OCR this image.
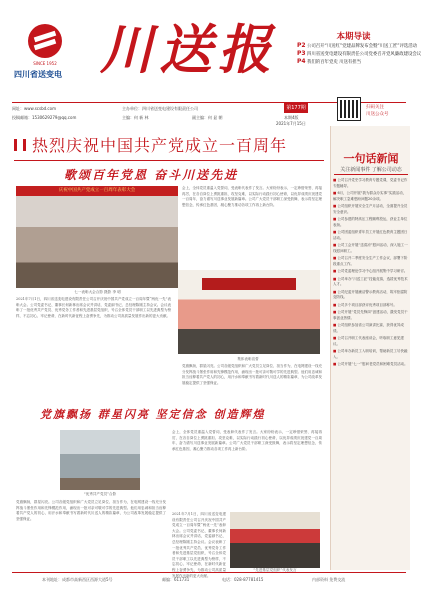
SINCE 1952
四川省送变电 川送报	本期导读
P2 公司召开“川送红”党建品牌发布会暨“川送工匠”评选活动
P3 四川省送变电建设有限责任公司党委召开党风廉政建设会议
P4 我们的百年党史 川送有担当
网址：www.scsbd.com
投稿邮箱：1530629279@qq.com
主办单位：四川省送变电建设有限责任公司
主编：何 新 林	副主编：何 显 朝	本期4版
2021年7月15日
第177期	扫码关注
川送公众号
热烈庆祝中国共产党成立一百周年
歌颂百年党恩 奋斗川送先进
庆祝中国共产党成立一百周年表彰大会
七一表彰大会合影 摄影 李 明
2021年7月1日，四川省送变电建设有限责任公司召开庆祝中国共产党成立一百周年暨“两优一先”表彰大会。公司党委书记、董事长何新林出席会议并讲话，党委副书记、总经理陈刚主持会议。会议表彰了一批优秀共产党员、优秀党务工作者和先进基层党组织，号召全体党员干部职工以先进典型为榜样，不忘初心、牢记使命，在新时代新征程上奋勇争先，为推动公司高质量发展作出新的更大贡献。
会上，全体党员重温入党誓词，受表彰代表作了发言。大家纷纷表示，一定珍惜荣誉、再接再厉，在各自岗位上勇挑重担、攻坚克难，以实际行动践行初心使命，以优异成绩庆祝建党一百周年，奋力谱写川送事业发展新篇章。公司广大党员干部职工深受鼓舞，表示将坚定理想信念，传承红色基因，凝心聚力推动各项工作再上新台阶。
集体表彰宣誓
党旗飘扬，群星闪亮。公司各级党组织和广大党员立足岗位、担当作为，在电网建设一线充分发挥战斗堡垒作用和先锋模范作用，涌现出一批可亲可敬可学的先进典型。他们用忠诚和担当诠释着共产党人的初心，用汗水和奉献书写着新时代川送人的精彩篇章，为公司改革发展稳定提供了坚强保证。
党旗飘扬 群星闪亮 坚定信念 创造辉煌
“优秀共产党员”合影
党旗飘扬，群星闪亮。公司各级党组织和广大党员立足岗位、担当作为，在电网建设一线充分发挥战斗堡垒作用和先锋模范作用，涌现出一批可亲可敬可学的先进典型。他们用忠诚和担当诠释着共产党人的初心，用汗水和奉献书写着新时代川送人的精彩篇章，为公司改革发展稳定提供了坚强保证。
会上，全体党员重温入党誓词，受表彰代表作了发言。大家纷纷表示，一定珍惜荣誉、再接再厉，在各自岗位上勇挑重担、攻坚克难，以实际行动践行初心使命，以优异成绩庆祝建党一百周年，奋力谱写川送事业发展新篇章。公司广大党员干部职工深受鼓舞，表示将坚定理想信念，传承红色基因，凝心聚力推动各项工作再上新台阶。
2021年7月1日，四川省送变电建设有限责任公司召开庆祝中国共产党成立一百周年暨“两优一先”表彰大会。公司党委书记、董事长何新林出席会议并讲话，党委副书记、总经理陈刚主持会议。会议表彰了一批优秀共产党员、优秀党务工作者和先进基层党组织，号召全体党员干部职工以先进典型为榜样，不忘初心、牢记使命，在新时代新征程上奋勇争先，为推动公司高质量发展作出新的更大贡献。
“先进基层党组织”代表发言
一句话新闻
关注新闻事件 了解公司动态
■ 公司召开党史学习教育专题党课，党委书记作专题辅导。
■ 6月，公司开展“我为群众办实事”实践活动，解决职工急难愁盼问题20余项。
■ 公司组织开展安全生产月活动，全面提升全员安全意识。
■ 公司参建的特高压工程顺利投运，获业主单位表扬。
■ 公司团委组织青年员工开展红色教育主题团日活动。
■ 公司工会开展“送清凉”慰问活动，深入施工一线慰问职工。
■ 公司召开二季度安全生产工作会议，部署下阶段重点工作。
■ 公司党委理论学习中心组开展集中学习研讨。
■ 公司举办“川送工匠”技能竞赛，选拔优秀技术人才。
■ 公司纪委开展廉洁警示教育活动，筑牢拒腐防变防线。
■ 公司多个项目部获评优秀项目部称号。
■ 公司开展“党员先锋岗”创建活动，激发党员干事创业热情。
■ 公司组织参加省公司演讲比赛，获得优异成绩。
■ 公司召开职工代表座谈会，听取职工意见建议。
■ 公司举办新员工入职培训，帮助新员工尽快融入。
■ 公司开展“七一”慰问老党员和困难党员活动。
本刊地址：成都市高新西区西源大道5号	邮编：611731	电话：028-87781415	内部资料 免费交流
